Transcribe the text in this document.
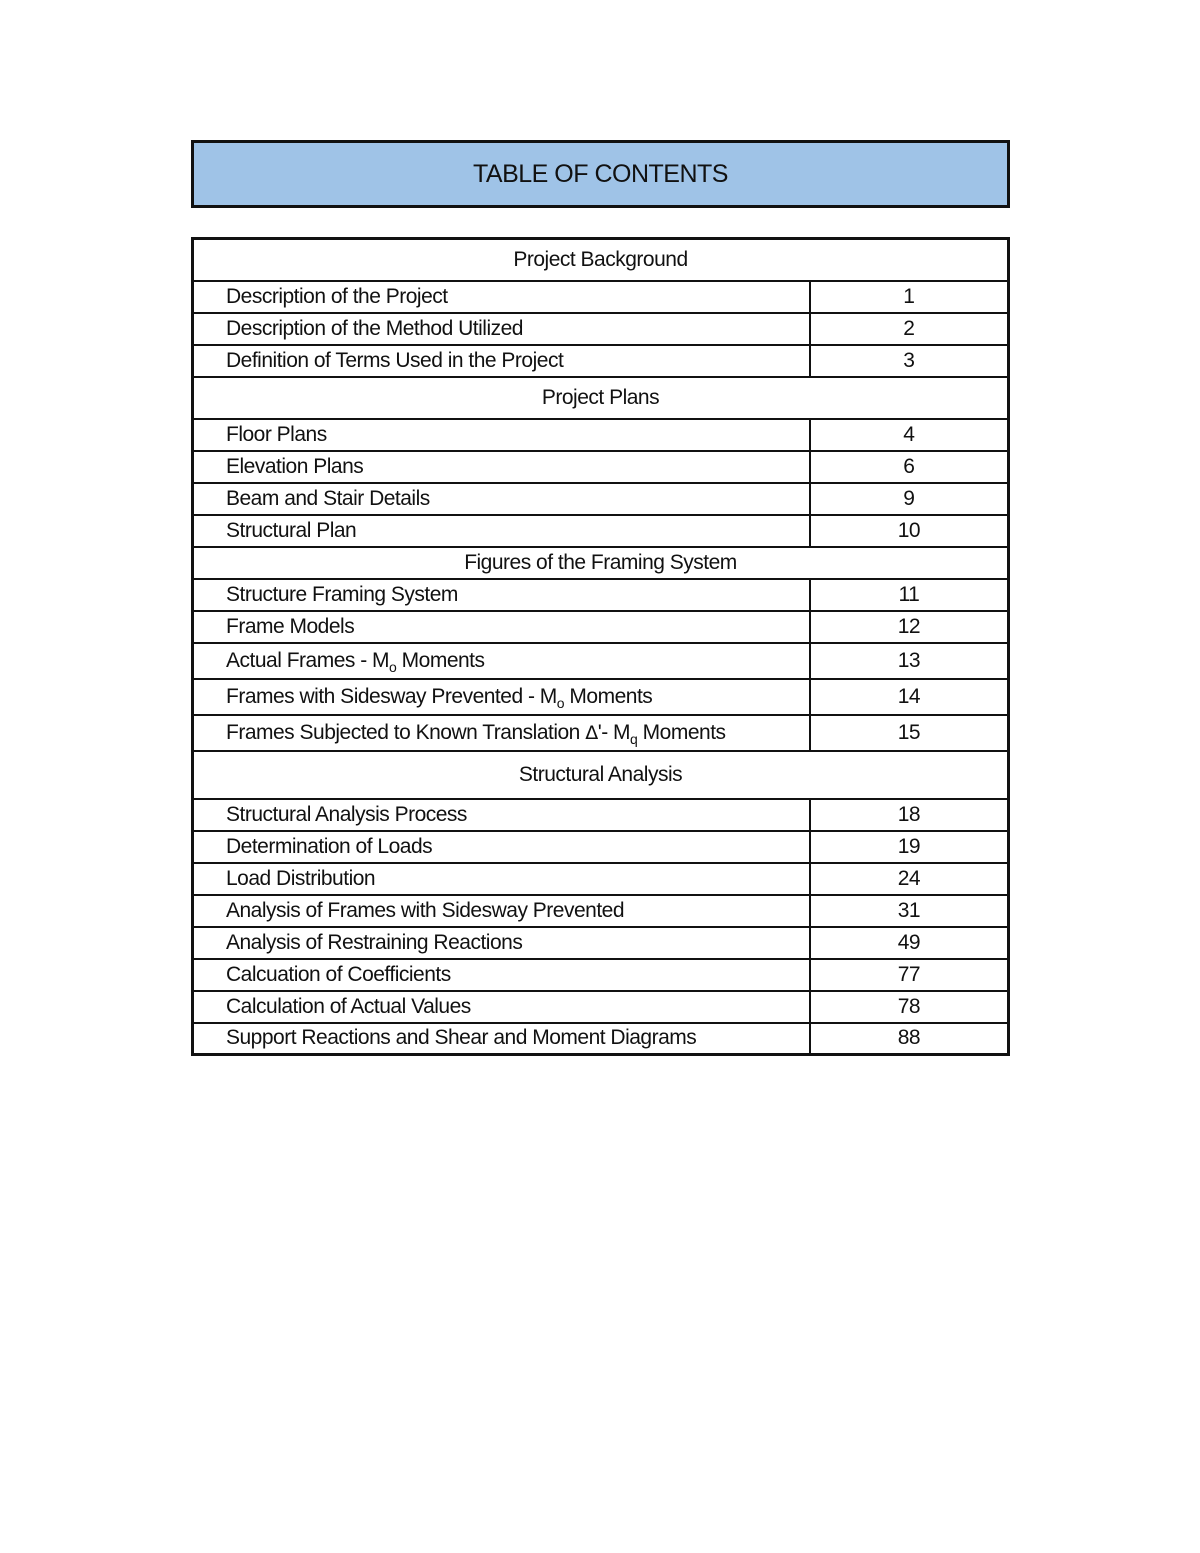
TABLE OF CONTENTS
Project Background	
Description of the Project	1
Description of the Method Utilized	2
Definition of Terms Used in the Project	3
Project Plans	
Floor Plans	4
Elevation Plans	6
Beam and Stair Details	9
Structural Plan	10
Figures of the Framing System	
Structure Framing System	11
Frame Models	12
Actual Frames - $M_o$ Moments	13
Frames with Sidesway Prevented - $M_o$ Moments	14
Frames Subjected to Known Translation Δ'- $M_q$ Moments	15
Structural Analysis	
Structural Analysis Process	18
Determination of Loads	19
Load Distribution	24
Analysis of Frames with Sidesway Prevented	31
Analysis of Restraining Reactions	49
Calcuation of Coefficients	77
Calculation of Actual Values	78
Support Reactions and Shear and Moment Diagrams	88
